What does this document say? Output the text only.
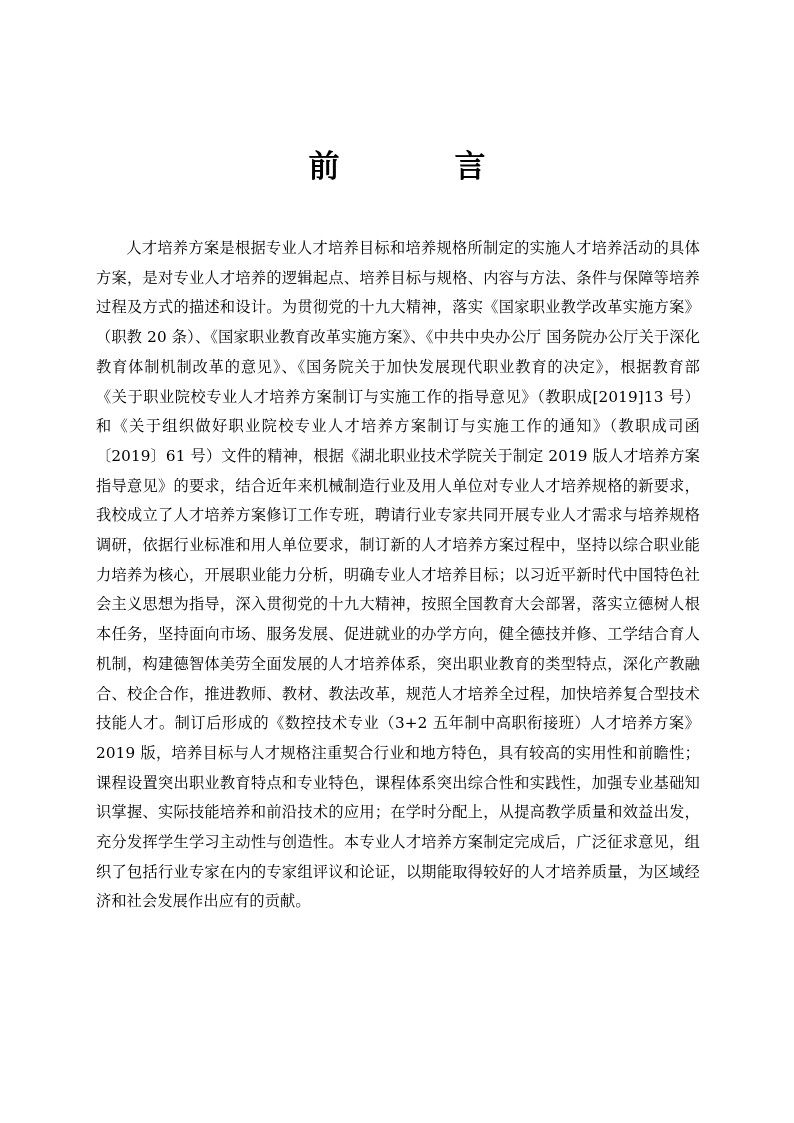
前　言

人才培养方案是根据专业人才培养目标和培养规格所制定的实施人才培养活动的具体方案，是对专业人才培养的逻辑起点、培养目标与规格、内容与方法、条件与保障等培养过程及方式的描述和设计。为贯彻党的十九大精神，落实《国家职业教学改革实施方案》（职教 20 条）、《国家职业教育改革实施方案》、《中共中央办公厅 国务院办公厅关于深化教育体制机制改革的意见》、《国务院关于加快发展现代职业教育的决定》，根据教育部《关于职业院校专业人才培养方案制订与实施工作的指导意见》（教职成[2019]13 号）和《关于组织做好职业院校专业人才培养方案制订与实施工作的通知》（教职成司函〔2019〕61 号）文件的精神，根据《湖北职业技术学院关于制定 2019 版人才培养方案指导意见》的要求，结合近年来机械制造行业及用人单位对专业人才培养规格的新要求，我校成立了人才培养方案修订工作专班，聘请行业专家共同开展专业人才需求与培养规格调研，依据行业标准和用人单位要求，制订新的人才培养方案过程中，坚持以综合职业能力培养为核心，开展职业能力分析，明确专业人才培养目标；以习近平新时代中国特色社会主义思想为指导，深入贯彻党的十九大精神，按照全国教育大会部署，落实立德树人根本任务，坚持面向市场、服务发展、促进就业的办学方向，健全德技并修、工学结合育人机制，构建德智体美劳全面发展的人才培养体系，突出职业教育的类型特点，深化产教融合、校企合作，推进教师、教材、教法改革，规范人才培养全过程，加快培养复合型技术技能人才。制订后形成的《数控技术专业（3+2 五年制中高职衔接班）人才培养方案》2019 版，培养目标与人才规格注重契合行业和地方特色，具有较高的实用性和前瞻性； 课程设置突出职业教育特点和专业特色，课程体系突出综合性和实践性，加强专业基础知识掌握、实际技能培养和前沿技术的应用；在学时分配上，从提高教学质量和效益出发，充分发挥学生学习主动性与创造性。本专业人才培养方案制定完成后，广泛征求意见，组织了包括行业专家在内的专家组评议和论证，以期能取得较好的人才培养质量，为区域经济和社会发展作出应有的贡献。
